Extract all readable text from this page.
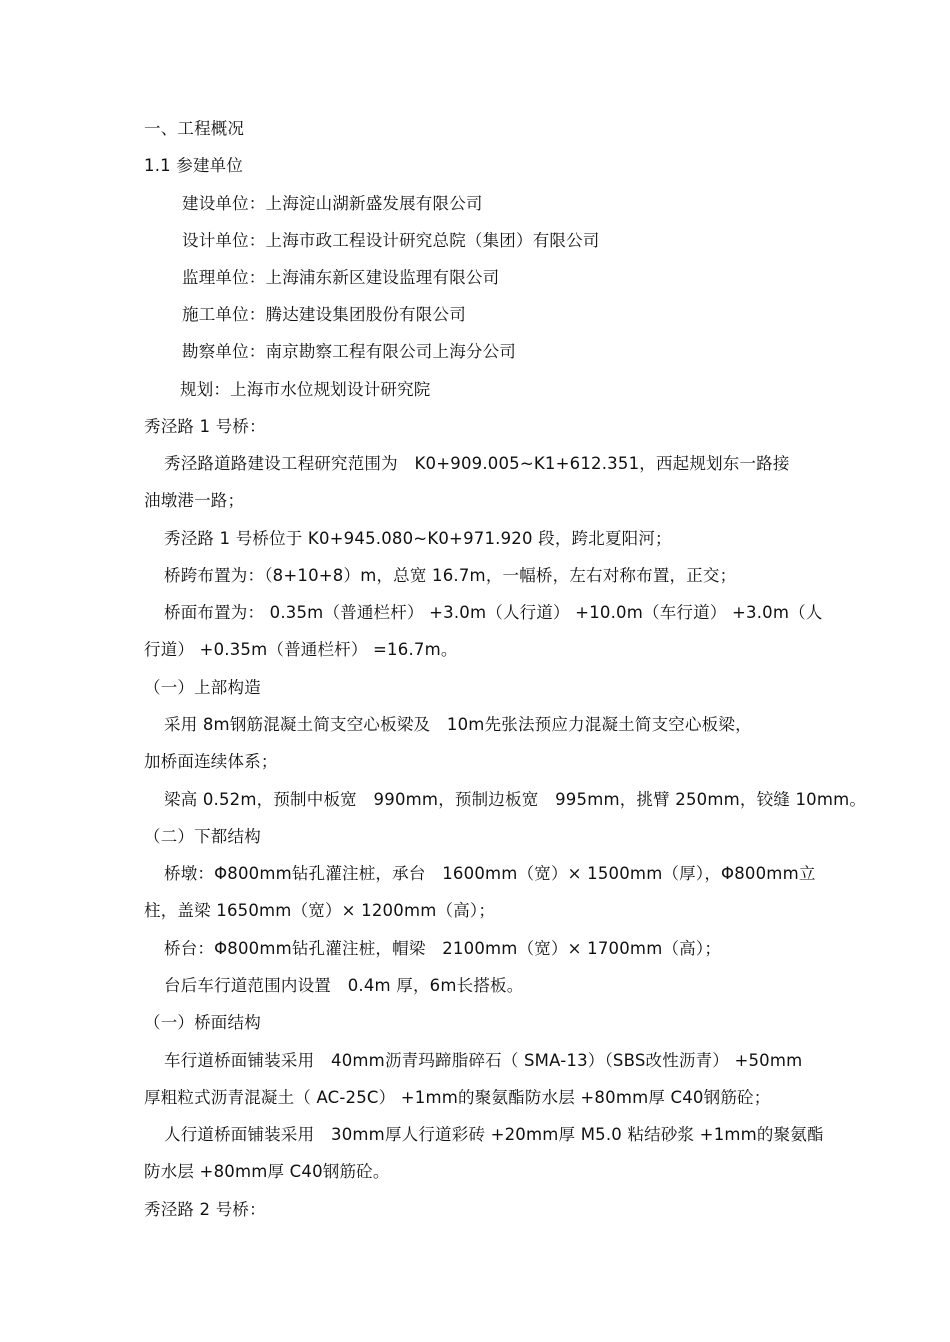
一、工程概况
1.1 参建单位
建设单位：上海淀山湖新盛发展有限公司
设计单位：上海市政工程设计研究总院（集团）有限公司
监理单位：上海浦东新区建设监理有限公司
施工单位：腾达建设集团股份有限公司
勘察单位：南京勘察工程有限公司上海分公司
规划：上海市水位规划设计研究院
秀泾路 1 号桥：
秀泾路道路建设工程研究范围为　K0+909.005~K1+612.351，西起规划东一路接
油墩港一路；
秀泾路 1 号桥位于 K0+945.080~K0+971.920 段，跨北夏阳河；
桥跨布置为：（8+10+8）m，总宽 16.7m，一幅桥，左右对称布置，正交；
桥面布置为： 0.35m（普通栏杆） +3.0m（人行道） +10.0m（车行道） +3.0m（人
行道） +0.35m（普通栏杆） =16.7m。
（一）上部构造
采用 8m钢筋混凝土简支空心板梁及　10m先张法预应力混凝土简支空心板梁，
加桥面连续体系；
梁高 0.52m，预制中板宽　990mm，预制边板宽　995mm，挑臂 250mm，铰缝 10mm。
（二）下都结构
桥墩：Φ800mm钻孔灌注桩，承台　1600mm（宽）× 1500mm（厚），Φ800mm立
柱，盖梁 1650mm（宽）× 1200mm（高）；
桥台：Φ800mm钻孔灌注桩，帽梁　2100mm（宽）× 1700mm（高）；
台后车行道范围内设置　0.4m 厚，6m长搭板。
（一）桥面结构
车行道桥面铺装采用　40mm沥青玛蹄脂碎石（ SMA-13）（SBS改性沥青） +50mm
厚粗粒式沥青混凝土（ AC-25C） +1mm的聚氨酯防水层 +80mm厚 C40钢筋砼；
人行道桥面铺装采用　30mm厚人行道彩砖 +20mm厚 M5.0 粘结砂浆 +1mm的聚氨酯
防水层 +80mm厚 C40钢筋砼。
秀泾路 2 号桥：
